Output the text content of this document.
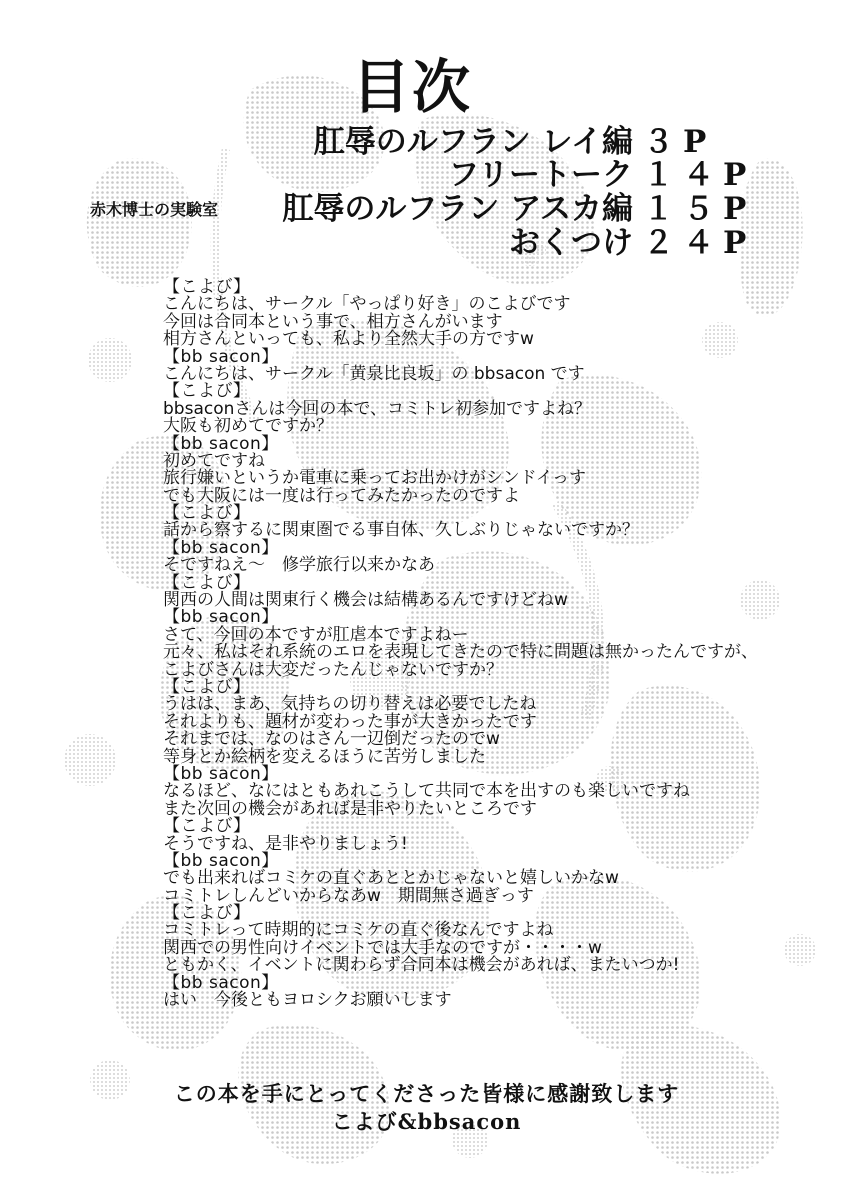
目次
肛辱のルフラン レイ編 ３P
フリートーク １４P
赤木博士の実験室	肛辱のルフラン アスカ編 １５P
おくつけ ２４P
【こよび】
こんにちは、サークル「やっぱり好き」のこよびです
今回は合同本という事で、相方さんがいます
相方さんといっても、私より全然大手の方ですw
【bb sacon】
こんにちは、サークル「黄泉比良坂」の bbsacon です
【こよび】
bbsaconさんは今回の本で、コミトレ初参加ですよね？
大阪も初めてですか？
【bb sacon】
初めてですね
旅行嫌いというか電車に乗ってお出かけがシンドイっす
でも大阪には一度は行ってみたかったのですよ
【こよび】
話から察するに関東圏でる事自体、久しぶりじゃないですか？
【bb sacon】
そですねえ～　修学旅行以来かなあ
【こよび】
関西の人間は関東行く機会は結構あるんですけどねw
【bb sacon】
さて、今回の本ですが肛虐本ですよねー
元々、私はそれ系統のエロを表現してきたので特に問題は無かったんですが、
こよびさんは大変だったんじゃないですか？
【こよび】
うはは、まあ、気持ちの切り替えは必要でしたね
それよりも、題材が変わった事が大きかったです
それまでは、なのはさん一辺倒だったのでw
等身とか絵柄を変えるほうに苦労しました
【bb sacon】
なるほど、なにはともあれこうして共同で本を出すのも楽しいですね
また次回の機会があれば是非やりたいところです
【こよび】
そうですね、是非やりましょう!
【bb sacon】
でも出来ればコミケの直ぐあととかじゃないと嬉しいかなw
コミトレしんどいからなあw　期間無さ過ぎっす
【こよび】
コミトレって時期的にコミケの直ぐ後なんですよね
関西での男性向けイベントでは大手なのですが・・・・w
ともかく、イベントに関わらず合同本は機会があれば、またいつか!
【bb sacon】
はい　今後ともヨロシクお願いします
この本を手にとってくださった皆様に感謝致します
こよび&bbsacon
